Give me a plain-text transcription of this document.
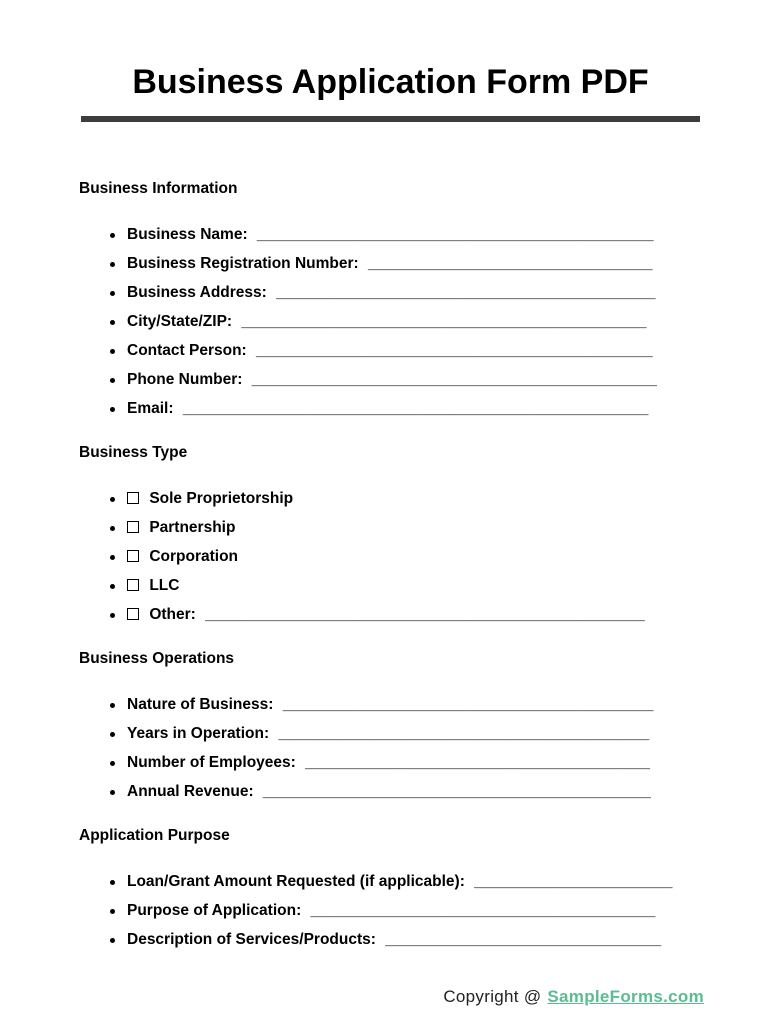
Business Application Form PDF
Business Information
Business Name: ______________________________________________
Business Registration Number: _________________________________
Business Address: ____________________________________________
City/State/ZIP: _______________________________________________
Contact Person: ______________________________________________
Phone Number: _______________________________________________
Email: ______________________________________________________
Business Type
Sole Proprietorship
Partnership
Corporation
LLC
Other: ___________________________________________________
Business Operations
Nature of Business: ___________________________________________
Years in Operation: ___________________________________________
Number of Employees: ________________________________________
Annual Revenue: _____________________________________________
Application Purpose
Loan/Grant Amount Requested (if applicable): _______________________
Purpose of Application: ________________________________________
Description of Services/Products: ________________________________
Copyright @ SampleForms.com
